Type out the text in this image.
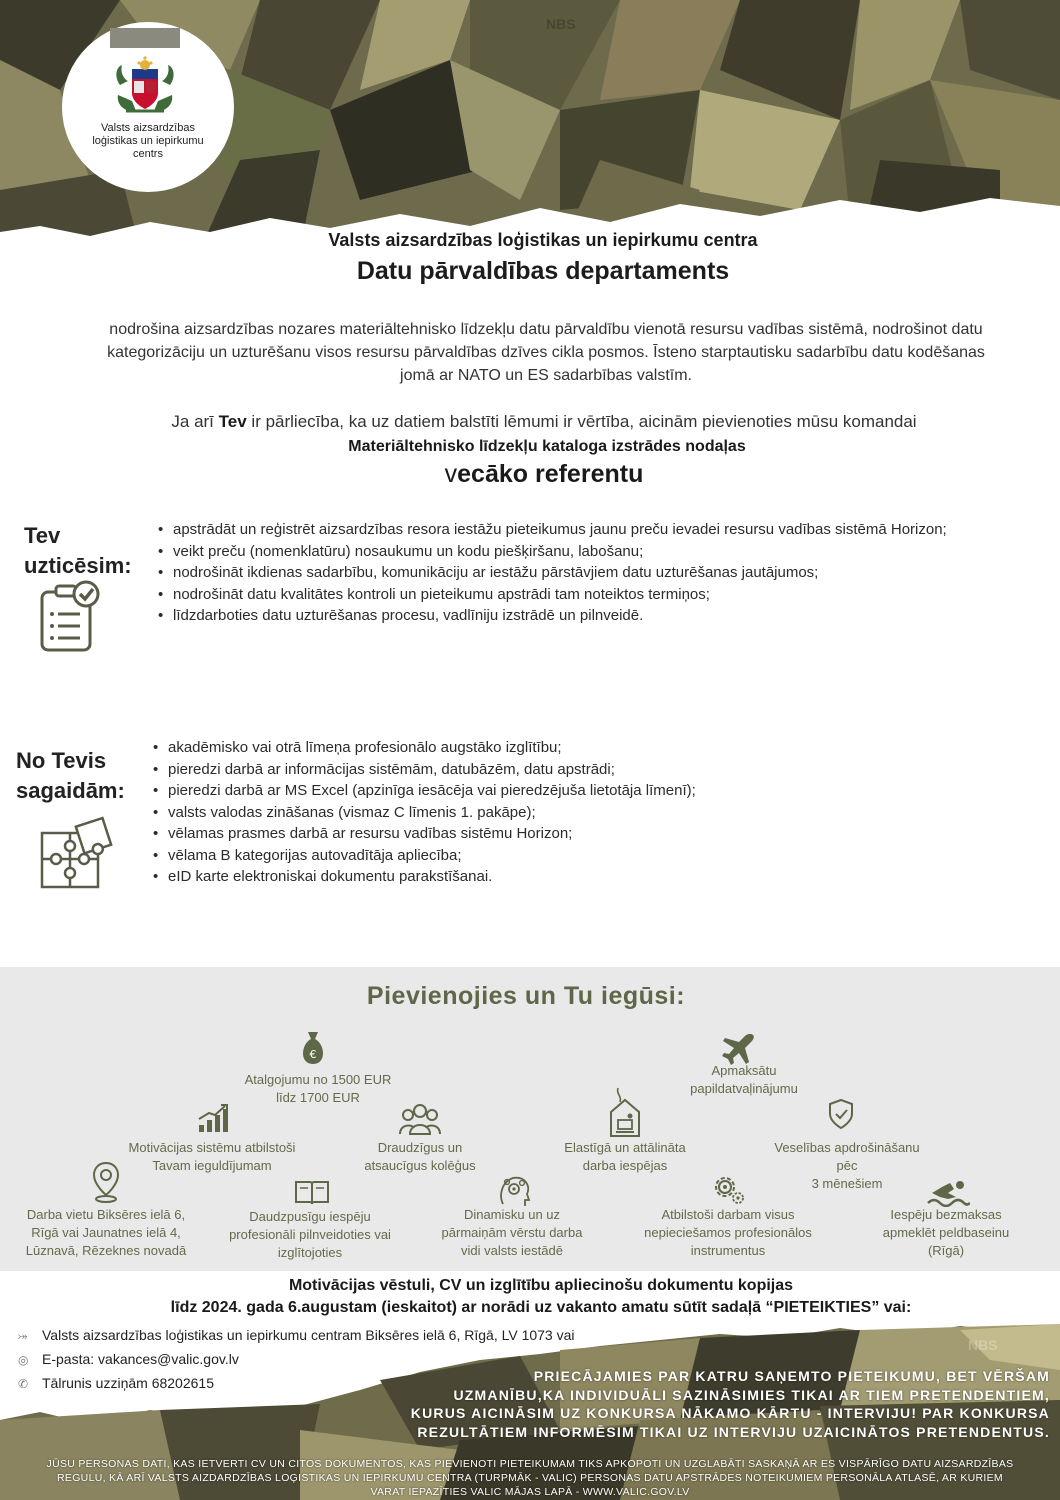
NBS
Valsts aizsardzības
loģistikas un iepirkumu
centrs
Valsts aizsardzības loģistikas un iepirkumu centra
Datu pārvaldības departaments
nodrošina aizsardzības nozares materiāltehnisko līdzekļu datu pārvaldību vienotā resursu vadības sistēmā, nodrošinot datu
kategorizāciju un uzturēšanu visos resursu pārvaldības dzīves cikla posmos. Īsteno starptautisku sadarbību datu kodēšanas
jomā ar NATO un ES sadarbības valstīm.
Ja arī Tev ir pārliecība, ka uz datiem balstīti lēmumi ir vērtība, aicinām pievienoties mūsu komandai
Materiāltehnisko līdzekļu kataloga izstrādes nodaļas
vecāko referentu
Tev
uzticēsim:
• apstrādāt un reģistrēt aizsardzības resora iestāžu pieteikumus jaunu preču ievadei resursu vadības sistēmā Horizon;
• veikt preču (nomenklatūru) nosaukumu un kodu piešķiršanu, labošanu;
• nodrošināt ikdienas sadarbību, komunikāciju ar iestāžu pārstāvjiem datu uzturēšanas jautājumos;
• nodrošināt datu kvalitātes kontroli un pieteikumu apstrādi tam noteiktos termiņos;
• līdzdarboties datu uzturēšanas procesu, vadlīniju izstrādē un pilnveidē.
No Tevis
sagaidām:
• akadēmisko vai otrā līmeņa profesionālo augstāko izglītību;
• pieredzi darbā ar informācijas sistēmām, datubāzēm, datu apstrādi;
• pieredzi darbā ar MS Excel (apzinīga iesācēja vai pieredzējuša lietotāja līmenī);
• valsts valodas zināšanas (vismaz C līmenis 1. pakāpe);
• vēlamas prasmes darbā ar resursu vadības sistēmu Horizon;
• vēlama B kategorijas autovadītāja apliecība;
• eID karte elektroniskai dokumentu parakstīšanai.
Pievienojies un Tu iegūsi:
€
Atalgojumu no 1500 EUR
līdz 1700 EUR
Apmaksātu
papildatvaļinājumu
Motivācijas sistēmu atbilstoši
Tavam ieguldījumam
Draudzīgus un
atsaucīgus kolēģus
Elastīgā un attālināta
darba iespējas
Veselības apdrošināšanu
pēc
3 mēnešiem
Darba vietu Biksēres ielā 6,
Rīgā vai Jaunatnes ielā 4,
Lūznavā, Rēzeknes novadā
Daudzpusīgu iespēju
profesionāli pilnveidoties vai
izglītojoties
Dinamisku un uz
pārmaiņām vērstu darba
vidi valsts iestādē
Atbilstoši darbam visus
nepieciešamos profesionālos
instrumentus
Iespēju bezmaksas
apmeklēt peldbaseinu
(Rīgā)
Motivācijas vēstuli, CV un izglītību apliecinošu dokumentu kopijas
līdz 2024. gada 6.augustam (ieskaitot) ar norādi uz vakanto amatu sūtīt sadaļā “PIETEIKTIES” vai:
NBS
⤖ Valsts aizsardzības loģistikas un iepirkumu centram Biksēres ielā 6, Rīgā, LV 1073 vai
◎ E-pasta: vakances@valic.gov.lv
✆ Tālrunis uzziņām 68202615	PRIECĀJAMIES PAR KATRU SAŅEMTO PIETEIKUMU, BET VĒRŠAM
UZMANĪBU,KA INDIVIDUĀLI SAZINĀSIMIES TIKAI AR TIEM PRETENDENTIEM,
KURUS AICINĀSIM UZ KONKURSA NĀKAMO KĀRTU - INTERVIJU! PAR KONKURSA
REZULTĀTIEM INFORMĒSIM TIKAI UZ INTERVIJU UZAICINĀTOS PRETENDENTUS.
JŪSU PERSONAS DATI, KAS IETVERTI CV UN CITOS DOKUMENTOS, KAS PIEVIENOTI PIETEIKUMAM TIKS APKOPOTI UN UZGLABĀTI SASKAŅĀ AR ES VISPĀRĪGO DATU AIZSARDZĪBAS
REGULU, KĀ ARĪ VALSTS AIZDARDZĪBAS LOĢISTIKAS UN IEPIRKUMU CENTRA (TURPMĀK - VALIC) PERSONAS DATU APSTRĀDES NOTEIKUMIEM PERSONĀLA ATLASĒ, AR KURIEM
VARAT IEPAZĪTIES VALIC MĀJAS LAPĀ - WWW.VALIC.GOV.LV
